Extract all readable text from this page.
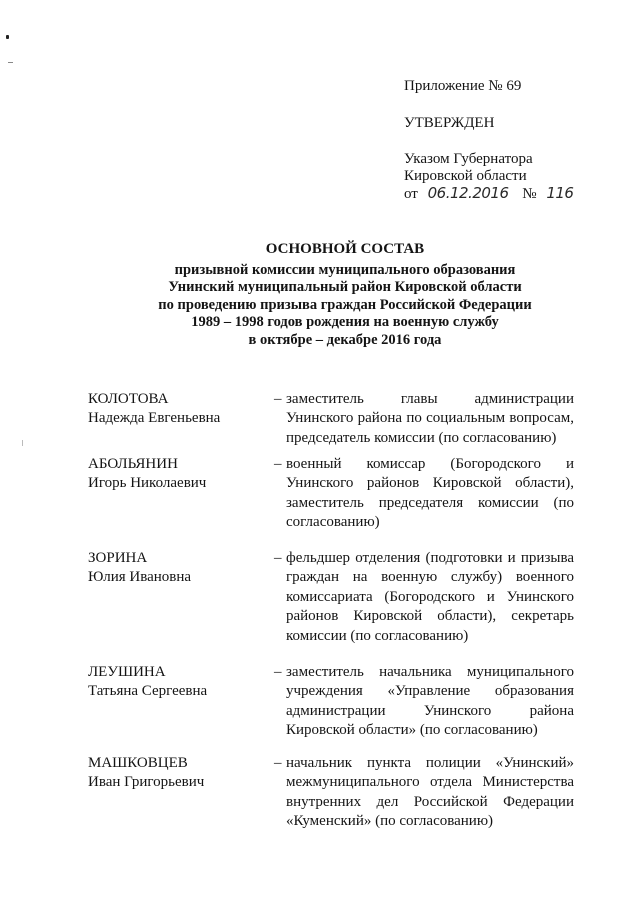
Приложение № 69
УТВЕРЖДЕН
Указом Губернатора
Кировской области
от 06.12.2016 № 116
ОСНОВНОЙ СОСТАВ
призывной комиссии муниципального образования
Унинский муниципальный район Кировской области
по проведению призыва граждан Российской Федерации
1989 – 1998 годов рождения на военную службу
в октябре – декабре 2016 года
КОЛОТОВА
Надежда Евгеньевна
– заместитель главы администрации Унинского района по социальным вопросам, председатель комиссии (по согласованию)
АБОЛЬЯНИН
Игорь Николаевич
– военный комиссар (Богородского и Унинского районов Кировской области), заместитель председателя комиссии (по согласованию)
ЗОРИНА
Юлия Ивановна
– фельдшер отделения (подготовки и призыва граждан на военную службу) военного комиссариата (Богородского и Унинского районов Кировской области), секретарь комиссии (по согласованию)
ЛЕУШИНА
Татьяна Сергеевна
– заместитель начальника муниципального учреждения «Управление образования администрации Унинского района Кировской области» (по согласованию)
МАШКОВЦЕВ
Иван Григорьевич
– начальник пункта полиции «Унинский» межмуниципального отдела Министерства внутренних дел Российской Федерации «Куменский» (по согласованию)
